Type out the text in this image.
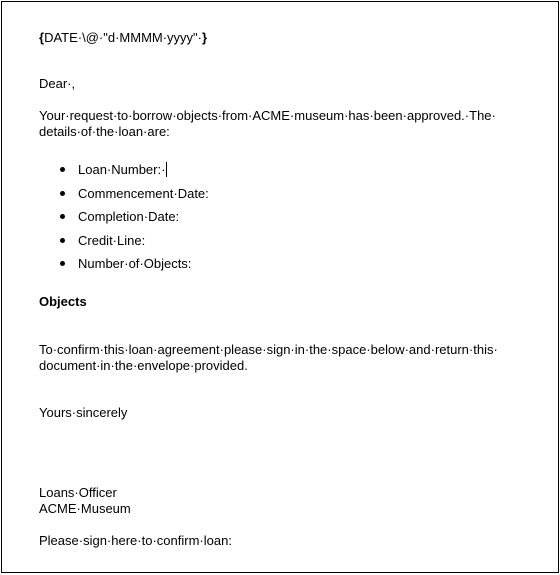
{DATE·\@·"d·MMMM·yyyy"·}
Dear·,
Your·request·to·borrow·objects·from·ACME·museum·has·been·approved.·The· details·of·the·loan·are:
Loan·Number:·
Commencement·Date:
Completion·Date:
Credit·Line:
Number·of·Objects:
Objects
To·confirm·this·loan·agreement·please·sign·in·the·space·below·and·return·this· document·in·the·envelope·provided.
Yours·sincerely
Loans·Officer
ACME·Museum
Please·sign·here·to·confirm·loan:
